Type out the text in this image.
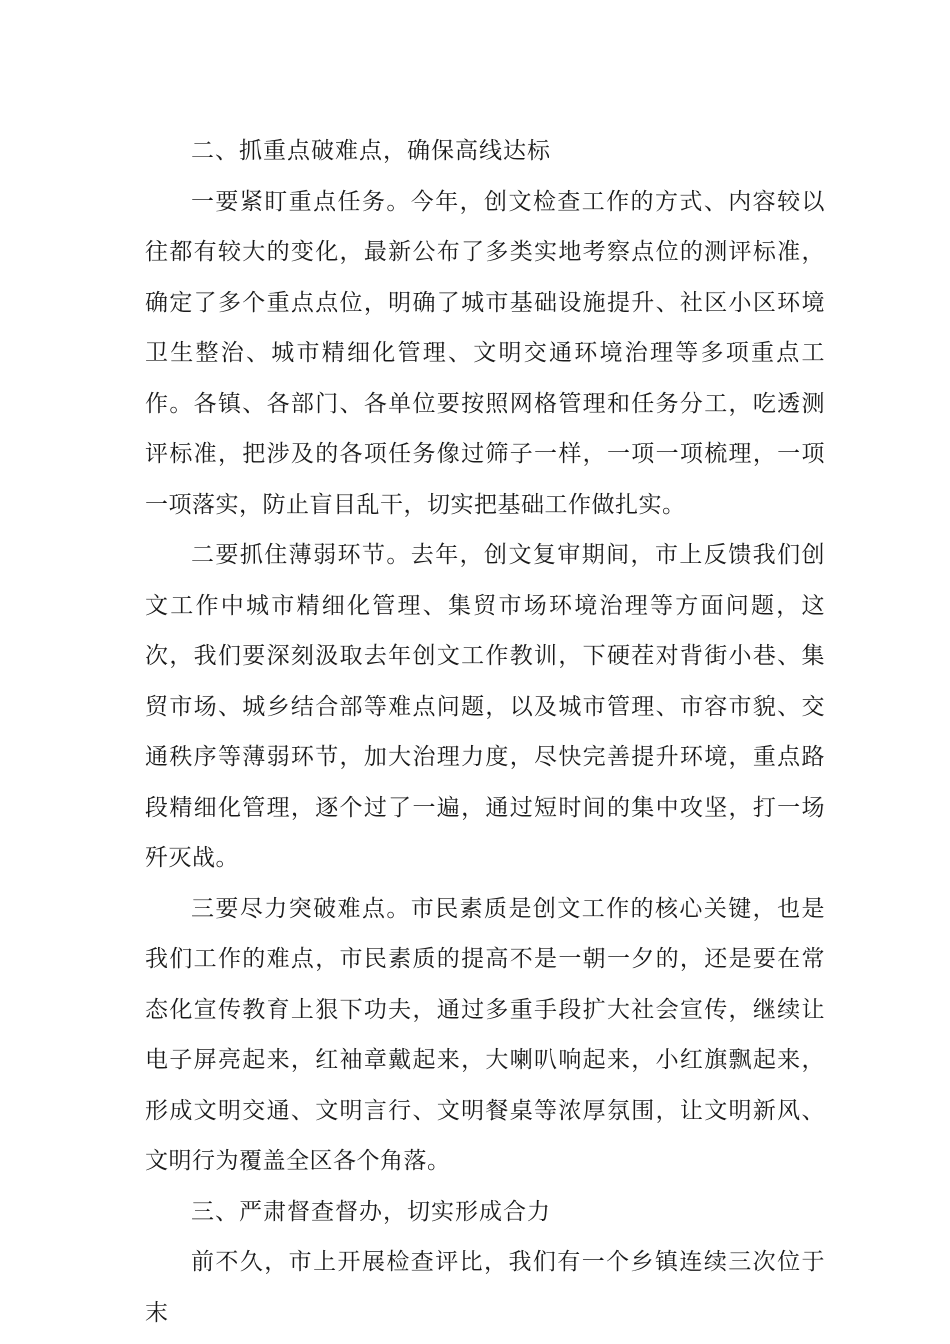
二、抓重点破难点，确保高线达标

一要紧盯重点任务。今年，创文检查工作的方式、内容较以往都有较大的变化，最新公布了多类实地考察点位的测评标准，确定了多个重点点位，明确了城市基础设施提升、社区小区环境卫生整治、城市精细化管理、文明交通环境治理等多项重点工作。各镇、各部门、各单位要按照网格管理和任务分工，吃透测评标准，把涉及的各项任务像过筛子一样，一项一项梳理，一项一项落实，防止盲目乱干，切实把基础工作做扎实。

二要抓住薄弱环节。去年，创文复审期间，市上反馈我们创文工作中城市精细化管理、集贸市场环境治理等方面问题，这次，我们要深刻汲取去年创文工作教训，下硬茬对背街小巷、集贸市场、城乡结合部等难点问题，以及城市管理、市容市貌、交通秩序等薄弱环节，加大治理力度，尽快完善提升环境，重点路段精细化管理，逐个过了一遍，通过短时间的集中攻坚，打一场歼灭战。

三要尽力突破难点。市民素质是创文工作的核心关键，也是我们工作的难点，市民素质的提高不是一朝一夕的，还是要在常态化宣传教育上狠下功夫，通过多重手段扩大社会宣传，继续让电子屏亮起来，红袖章戴起来，大喇叭响起来，小红旗飘起来，形成文明交通、文明言行、文明餐桌等浓厚氛围，让文明新风、文明行为覆盖全区各个角落。

三、严肃督查督办，切实形成合力

前不久，市上开展检查评比，我们有一个乡镇连续三次位于末
